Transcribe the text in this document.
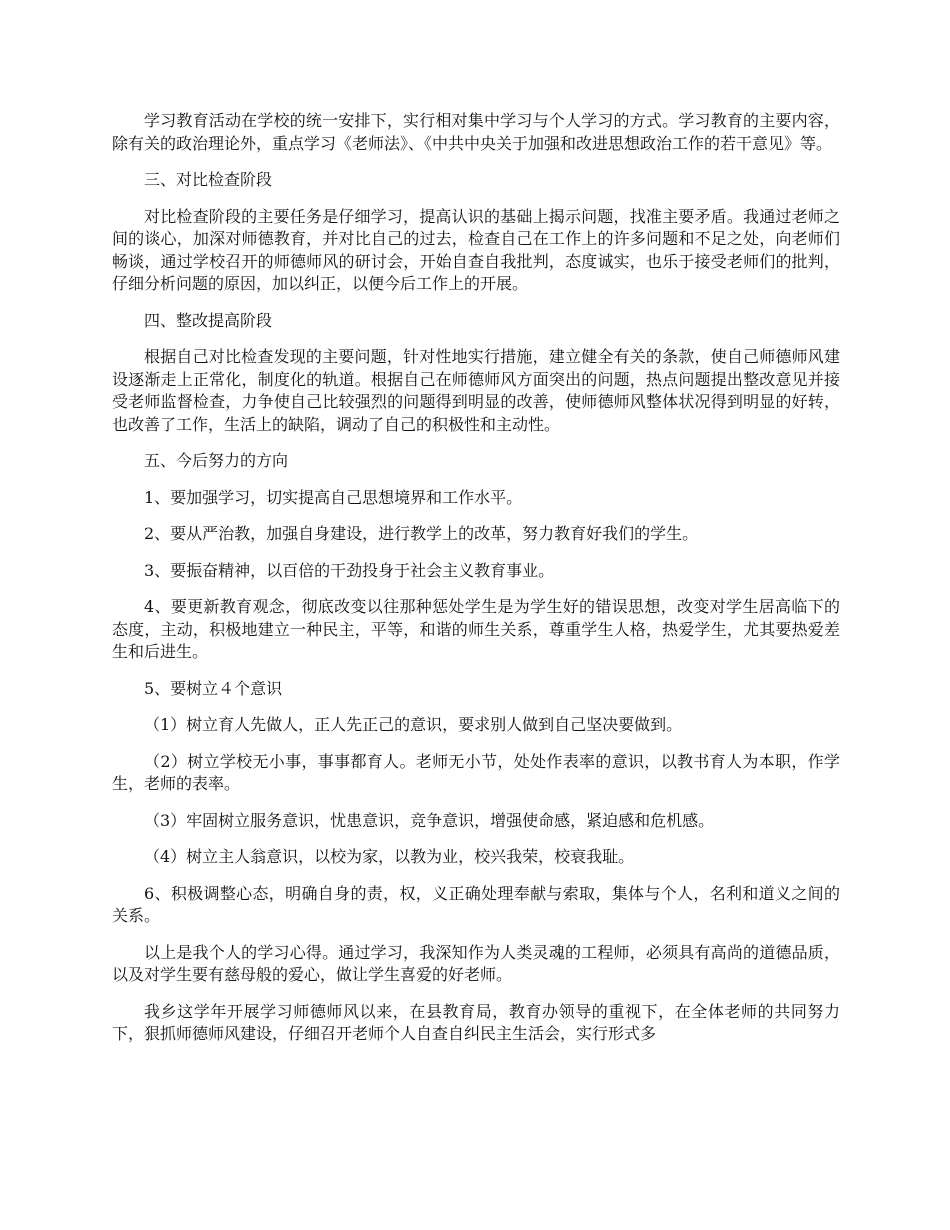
学习教育活动在学校的统一安排下，实行相对集中学习与个人学习的方式。学习教育的主要内容，除有关的政治理论外，重点学习《老师法》、《中共中央关于加强和改进思想政治工作的若干意见》等。

三、对比检查阶段

对比检查阶段的主要任务是仔细学习，提高认识的基础上揭示问题，找准主要矛盾。我通过老师之间的谈心，加深对师德教育，并对比自己的过去，检查自己在工作上的许多问题和不足之处，向老师们畅谈，通过学校召开的师德师风的研讨会，开始自查自我批判，态度诚实，也乐于接受老师们的批判，仔细分析问题的原因，加以纠正，以便今后工作上的开展。

四、整改提高阶段

根据自己对比检查发现的主要问题，针对性地实行措施，建立健全有关的条款，使自己师德师风建设逐渐走上正常化，制度化的轨道。根据自己在师德师风方面突出的问题，热点问题提出整改意见并接受老师监督检查，力争使自己比较强烈的问题得到明显的改善，使师德师风整体状况得到明显的好转，也改善了工作，生活上的缺陷，调动了自己的积极性和主动性。

五、今后努力的方向

1、要加强学习，切实提高自己思想境界和工作水平。

2、要从严治教，加强自身建设，进行教学上的改革，努力教育好我们的学生。

3、要振奋精神，以百倍的干劲投身于社会主义教育事业。

4、要更新教育观念，彻底改变以往那种惩处学生是为学生好的错误思想，改变对学生居高临下的态度，主动，积极地建立一种民主，平等，和谐的师生关系，尊重学生人格，热爱学生，尤其要热爱差生和后进生。

5、要树立４个意识

（1）树立育人先做人，正人先正己的意识，要求别人做到自己坚决要做到。

（2）树立学校无小事，事事都育人。老师无小节，处处作表率的意识，以教书育人为本职，作学生，老师的表率。

（3）牢固树立服务意识，忧患意识，竞争意识，增强使命感，紧迫感和危机感。

（4）树立主人翁意识，以校为家，以教为业，校兴我荣，校衰我耻。

6、积极调整心态，明确自身的责，权，义正确处理奉献与索取，集体与个人，名利和道义之间的关系。

以上是我个人的学习心得。通过学习，我深知作为人类灵魂的工程师，必须具有高尚的道德品质，以及对学生要有慈母般的爱心，做让学生喜爱的好老师。

我乡这学年开展学习师德师风以来，在县教育局，教育办领导的重视下，在全体老师的共同努力下，狠抓师德师风建设，仔细召开老师个人自查自纠民主生活会，实行形式多
